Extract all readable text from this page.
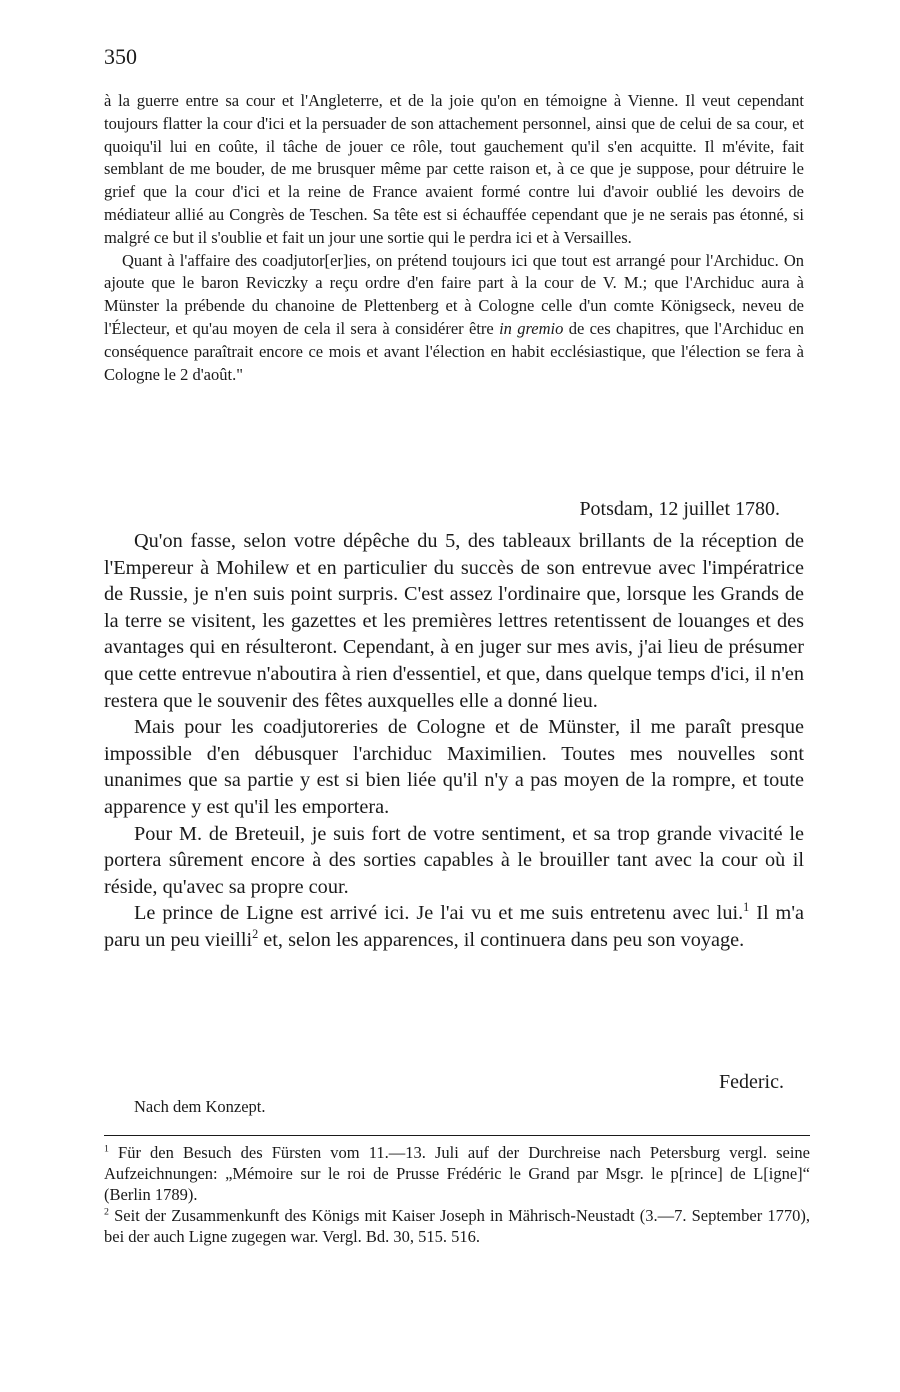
350

à la guerre entre sa cour et l'Angleterre, et de la joie qu'on en témoigne à Vienne. Il veut cependant toujours flatter la cour d'ici et la persuader de son attachement personnel, ainsi que de celui de sa cour, et quoiqu'il lui en coûte, il tâche de jouer ce rôle, tout gauchement qu'il s'en acquitte. Il m'évite, fait semblant de me bouder, de me brusquer même par cette raison et, à ce que je suppose, pour détruire le grief que la cour d'ici et la reine de France avaient formé contre lui d'avoir oublié les devoirs de médiateur allié au Congrès de Teschen. Sa tête est si échauffée cependant que je ne serais pas étonné, si malgré ce but il s'oublie et fait un jour une sortie qui le perdra ici et à Versailles.

Quant à l'affaire des coadjutor[er]ies, on prétend toujours ici que tout est arrangé pour l'Archiduc. On ajoute que le baron Reviczky a reçu ordre d'en faire part à la cour de V. M.; que l'Archiduc aura à Münster la prébende du chanoine de Plettenberg et à Cologne celle d'un comte Königseck, neveu de l'Électeur, et qu'au moyen de cela il sera à considérer être in gremio de ces chapitres, que l'Archiduc en conséquence paraîtrait encore ce mois et avant l'élection en habit ecclésiastique, que l'élection se fera à Cologne le 2 d'août."

Potsdam, 12 juillet 1780.

Qu'on fasse, selon votre dépêche du 5, des tableaux brillants de la réception de l'Empereur à Mohilew et en particulier du succès de son entrevue avec l'impératrice de Russie, je n'en suis point surpris. C'est assez l'ordinaire que, lorsque les Grands de la terre se visitent, les gazettes et les premières lettres retentissent de louanges et des avantages qui en résulteront. Cependant, à en juger sur mes avis, j'ai lieu de présumer que cette entrevue n'aboutira à rien d'essentiel, et que, dans quelque temps d'ici, il n'en restera que le souvenir des fêtes auxquelles elle a donné lieu.

Mais pour les coadjutoreries de Cologne et de Münster, il me paraît presque impossible d'en débusquer l'archiduc Maximilien. Toutes mes nouvelles sont unanimes que sa partie y est si bien liée qu'il n'y a pas moyen de la rompre, et toute apparence y est qu'il les emportera.

Pour M. de Breteuil, je suis fort de votre sentiment, et sa trop grande vivacité le portera sûrement encore à des sorties capables à le brouiller tant avec la cour où il réside, qu'avec sa propre cour.

Le prince de Ligne est arrivé ici. Je l'ai vu et me suis entretenu avec lui.$^1$ Il m'a paru un peu vieilli$^2$ et, selon les apparences, il continuera dans peu son voyage.

Federic.
Nach dem Konzept.

$^1$ Für den Besuch des Fürsten vom 11.—13. Juli auf der Durchreise nach Petersburg vergl. seine Aufzeichnungen: „Mémoire sur le roi de Prusse Frédéric le Grand par Msgr. le p[rince] de L[igne]“ (Berlin 1789).

$^2$ Seit der Zusammenkunft des Königs mit Kaiser Joseph in Mährisch-Neustadt (3.—7. September 1770), bei der auch Ligne zugegen war. Vergl. Bd. 30, 515. 516.
